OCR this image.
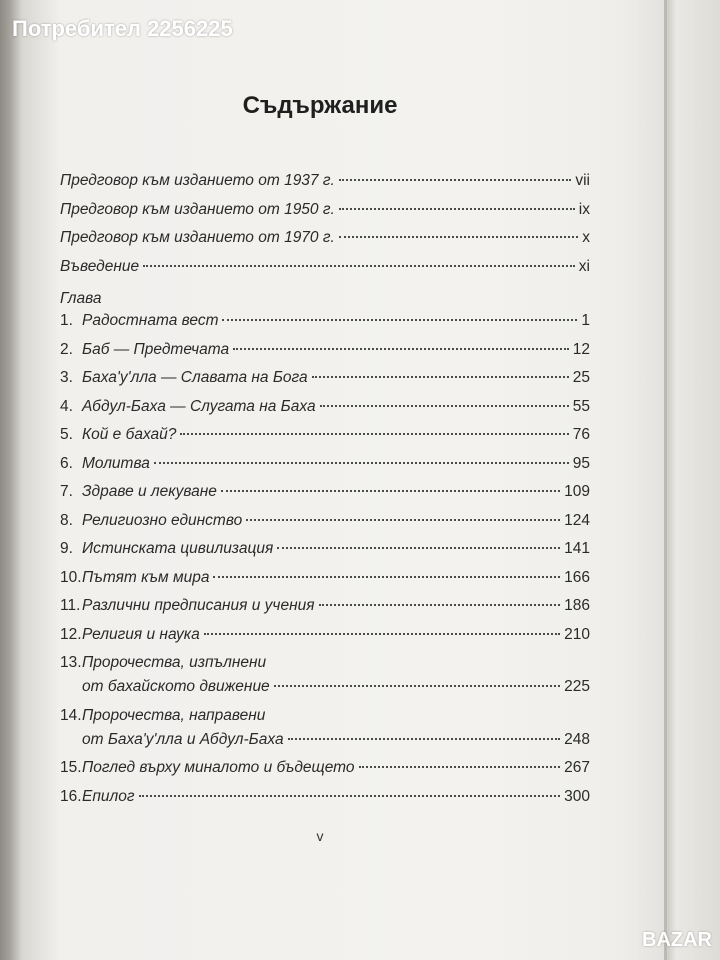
Потребител 2256225
Съдържание
Предговор към изданието от 1937 г.	vii
Предговор към изданието от 1950 г.	ix
Предговор към изданието от 1970 г.	x
Въведение	xi
Глава
1. Радостната вест	1
2. Баб — Предтечата	12
3. Баха'у'лла — Славата на Бога	25
4. Абдул-Баха — Слугата на Баха	55
5. Кой е бахай?	76
6. Молитва	95
7. Здраве и лекуване	109
8. Религиозно единство	124
9. Истинската цивилизация	141
10. Пътят към мира	166
11. Различни предписания и учения	186
12. Религия и наука	210
13. Пророчества, изпълнени
от бахайското движение	225
14. Пророчества, направени
от Баха'у'лла и Абдул-Баха	248
15. Поглед върху миналото и бъдещето	267
16. Епилог	300
v
BAZAR
